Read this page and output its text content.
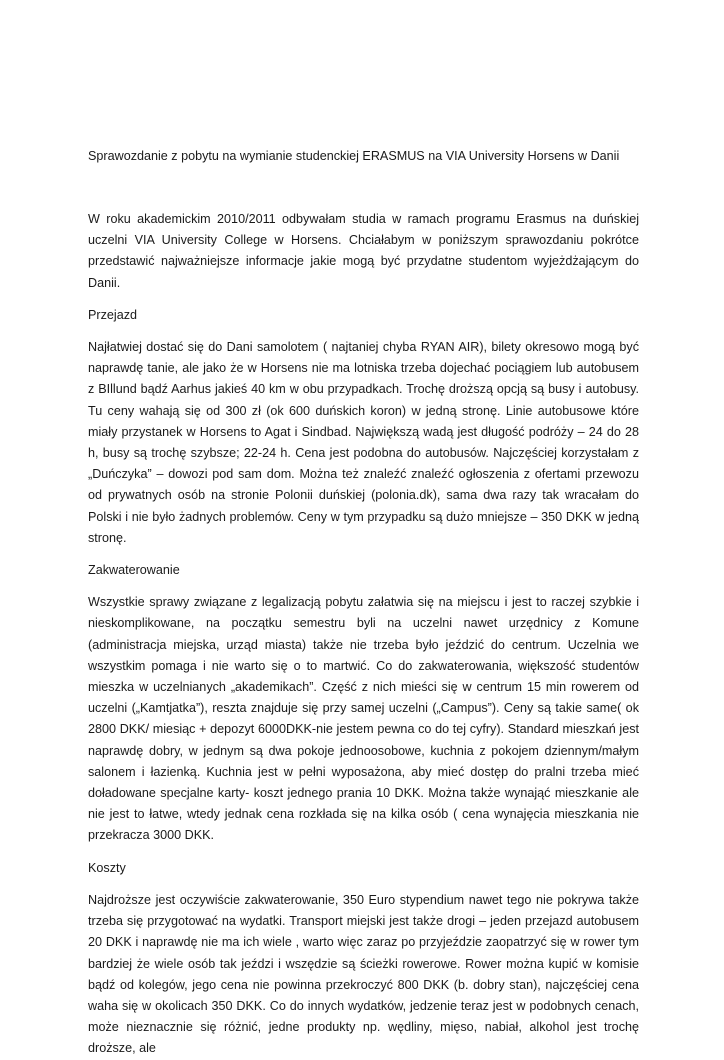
Sprawozdanie z pobytu na wymianie studenckiej ERASMUS na VIA University Horsens w Danii

W roku akademickim 2010/2011 odbywałam studia w ramach programu Erasmus na duńskiej uczelni VIA University College w Horsens. Chciałabym w poniższym sprawozdaniu pokrótce przedstawić najważniejsze informacje jakie mogą być przydatne studentom wyjeżdżającym do Danii.

Przejazd

Najłatwiej dostać się do Dani samolotem ( najtaniej chyba RYAN AIR), bilety okresowo mogą być naprawdę tanie, ale jako że w Horsens nie ma lotniska trzeba dojechać pociągiem lub autobusem z BIllund bądź Aarhus jakieś 40 km w obu przypadkach. Trochę droższą opcją są busy i autobusy. Tu ceny wahają się od 300 zł (ok 600 duńskich koron) w jedną stronę. Linie autobusowe które miały przystanek w Horsens to Agat i Sindbad. Największą wadą jest długość podróży – 24 do 28 h, busy są trochę szybsze; 22-24 h. Cena jest podobna do autobusów. Najczęściej korzystałam z „Duńczyka” – dowozi pod sam dom. Można też znaleźć znaleźć ogłoszenia z ofertami przewozu od prywatnych osób na stronie Polonii duńskiej (polonia.dk), sama dwa razy tak wracałam do Polski i nie było żadnych problemów. Ceny w tym przypadku są dużo mniejsze – 350 DKK w jedną stronę.

Zakwaterowanie

Wszystkie sprawy związane z legalizacją pobytu załatwia się na miejscu i jest to raczej szybkie i nieskomplikowane, na początku semestru byli na uczelni nawet urzędnicy z Komune (administracja miejska, urząd miasta) także nie trzeba było jeździć do centrum. Uczelnia we wszystkim pomaga i nie warto się o to martwić. Co do zakwaterowania, większość studentów mieszka w uczelnianych „akademikach”. Część z nich mieści się w centrum 15 min rowerem od uczelni („Kamtjatka”), reszta znajduje się przy samej uczelni („Campus”). Ceny są takie same( ok 2800 DKK/ miesiąc + depozyt 6000DKK-nie jestem pewna co do tej cyfry). Standard mieszkań jest naprawdę dobry, w jednym są dwa pokoje jednoosobowe, kuchnia z pokojem dziennym/małym salonem i łazienką. Kuchnia jest w pełni wyposażona, aby mieć dostęp do pralni trzeba mieć doładowane specjalne karty- koszt jednego prania 10 DKK. Można także wynająć mieszkanie ale nie jest to łatwe, wtedy jednak cena rozkłada się na kilka osób ( cena wynajęcia mieszkania nie przekracza 3000 DKK.

Koszty

Najdroższe jest oczywiście zakwaterowanie, 350 Euro stypendium nawet tego nie pokrywa także trzeba się przygotować na wydatki. Transport miejski jest także drogi – jeden przejazd autobusem 20 DKK i naprawdę nie ma ich wiele , warto więc zaraz po przyjeździe zaopatrzyć się w rower tym bardziej że wiele osób tak jeździ i wszędzie są ścieżki rowerowe. Rower można kupić w komisie bądź od kolegów, jego cena nie powinna przekroczyć 800 DKK (b. dobry stan), najczęściej cena waha się w okolicach 350 DKK. Co do innych wydatków, jedzenie teraz jest w podobnych cenach, może nieznacznie się różnić, jedne produkty np. wędliny, mięso, nabiał, alkohol jest trochę droższe, ale
